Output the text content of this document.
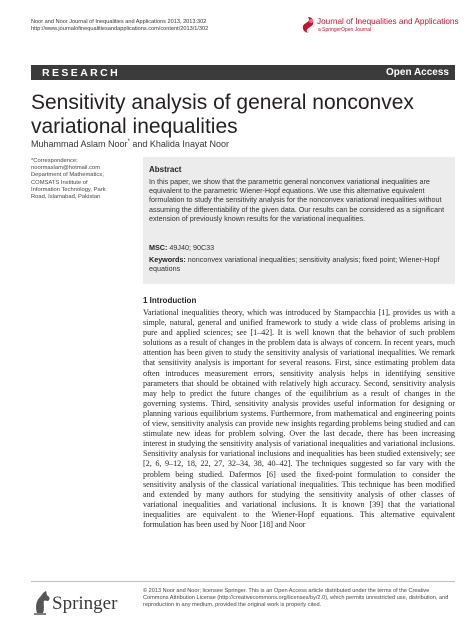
Noor and Noor Journal of Inequalities and Applications 2013, 2013:302
http://www.journalofinequalitiesandapplications.com/content/2013/1/302
Journal of Inequalities and Applications
a SpringerOpen Journal
RESEARCH	Open Access
Sensitivity analysis of general nonconvex variational inequalities
Muhammad Aslam Noor* and Khalida Inayat Noor
*Correspondence: noormaslam@hotmail.com Department of Mathematics, COMSATS Institute of Information Technology, Park Road, Islamabad, Pakistan
Abstract
In this paper, we show that the parametric general nonconvex variational inequalities are equivalent to the parametric Wiener-Hopf equations. We use this alternative equivalent formulation to study the sensitivity analysis for the nonconvex variational inequalities without assuming the differentiability of the given data. Our results can be considered as a significant extension of previously known results for the variational inequalities.
MSC: 49J40; 90C33
Keywords: nonconvex variational inequalities; sensitivity analysis; fixed point; Wiener-Hopf equations
1 Introduction
Variational inequalities theory, which was introduced by Stampacchia [1], provides us with a simple, natural, general and unified framework to study a wide class of problems arising in pure and applied sciences; see [1–42]. It is well known that the behavior of such problem solutions as a result of changes in the problem data is always of concern. In recent years, much attention has been given to study the sensitivity analysis of variational inequalities. We remark that sensitivity analysis is important for several reasons. First, since estimating problem data often introduces measurement errors, sensitivity analysis helps in identifying sensitive parameters that should be obtained with relatively high accuracy. Second, sensitivity analysis may help to predict the future changes of the equilibrium as a result of changes in the governing systems. Third, sensitivity analysis provides useful information for designing or planning various equilibrium systems. Furthermore, from mathematical and engineering points of view, sensitivity analysis can provide new insights regarding problems being studied and can stimulate new ideas for problem solving. Over the last decade, there has been increasing interest in studying the sensitivity analysis of variational inequalities and variational inclusions. Sensitivity analysis for variational inclusions and inequalities has been studied extensively; see [2, 6, 9–12, 18, 22, 27, 32–34, 38, 40–42]. The techniques suggested so far vary with the problem being studied. Dafermos [6] used the fixed-point formulation to consider the sensitivity analysis of the classical variational inequalities. This technique has been modified and extended by many authors for studying the sensitivity analysis of other classes of variational inequalities and variational inclusions. It is known [39] that the variational inequalities are equivalent to the Wiener-Hopf equations. This alternative equivalent formulation has been used by Noor [18] and Noor
Springer
© 2013 Noor and Noor; licensee Springer. This is an Open Access article distributed under the terms of the Creative Commons Attribution License (http://creativecommons.org/licenses/by/2.0), which permits unrestricted use, distribution, and reproduction in any medium, provided the original work is properly cited.
